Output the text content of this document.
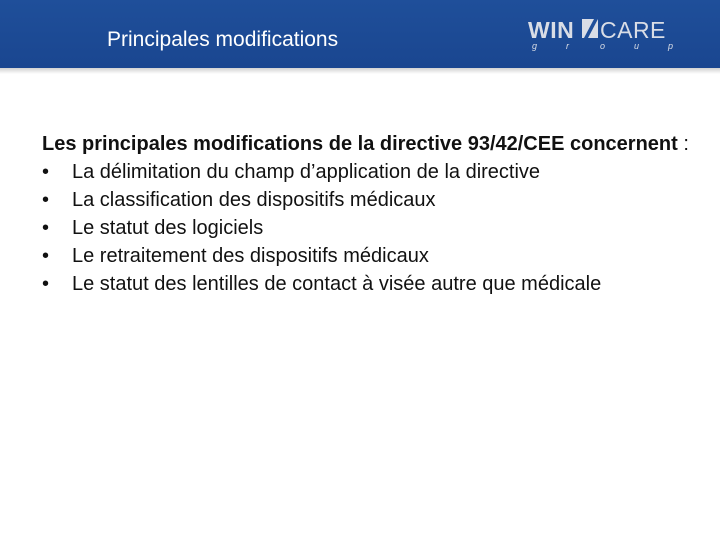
Principales modifications	WIN CARE
g	r	o	u	p

Les principales modifications de la directive 93/42/CEE concernent :

•	La délimitation du champ d’application de la directive
•	La classification des dispositifs médicaux
•	Le statut des logiciels
•	Le retraitement des dispositifs médicaux
•	Le statut des lentilles de contact à visée autre que médicale
